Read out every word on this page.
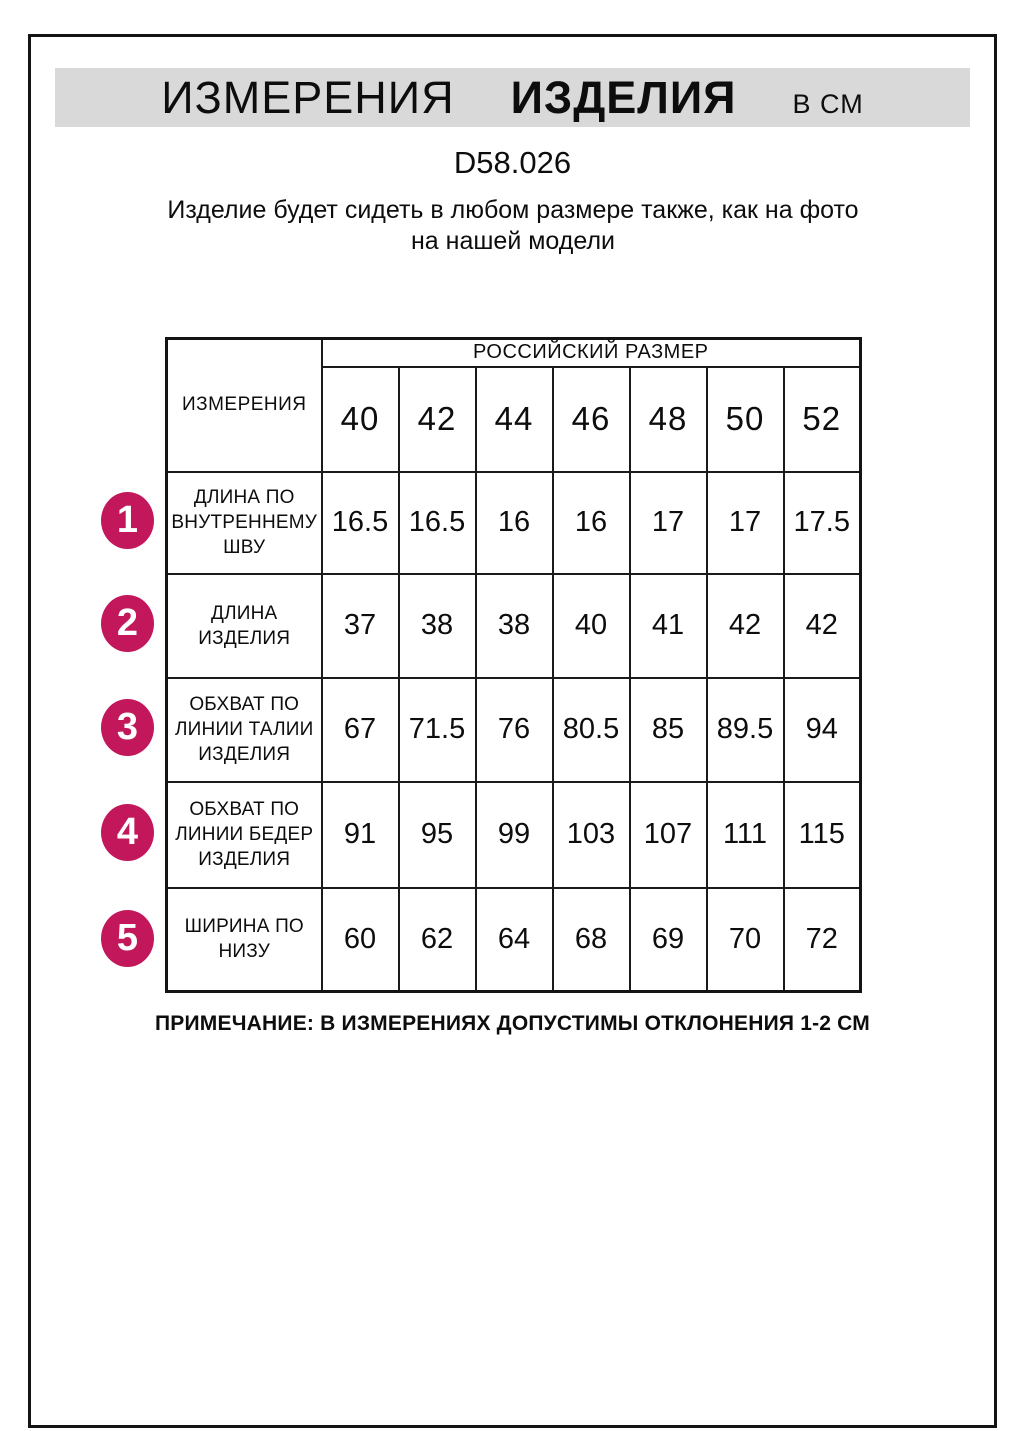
ИЗМЕРЕНИЯ ИЗДЕЛИЯ В СМ
D58.026
Изделие будет сидеть в любом размере также, как на фото на нашей модели
ИЗМЕРЕНИЯ	РОССИЙСКИЙ РАЗМЕР						
	40	42	44	46	48	50	52
ДЛИНА ПО ВНУТРЕННЕМУ ШВУ	16.5	16.5	16	16	17	17	17.5
ДЛИНА ИЗДЕЛИЯ	37	38	38	40	41	42	42
ОБХВАТ ПО ЛИНИИ ТАЛИИ ИЗДЕЛИЯ	67	71.5	76	80.5	85	89.5	94
ОБХВАТ ПО ЛИНИИ БЕДЕР ИЗДЕЛИЯ	91	95	99	103	107	111	115
ШИРИНА ПО НИЗУ	60	62	64	68	69	70	72
1
2
3
4
5
ПРИМЕЧАНИЕ: В ИЗМЕРЕНИЯХ ДОПУСТИМЫ ОТКЛОНЕНИЯ 1-2 СМ
